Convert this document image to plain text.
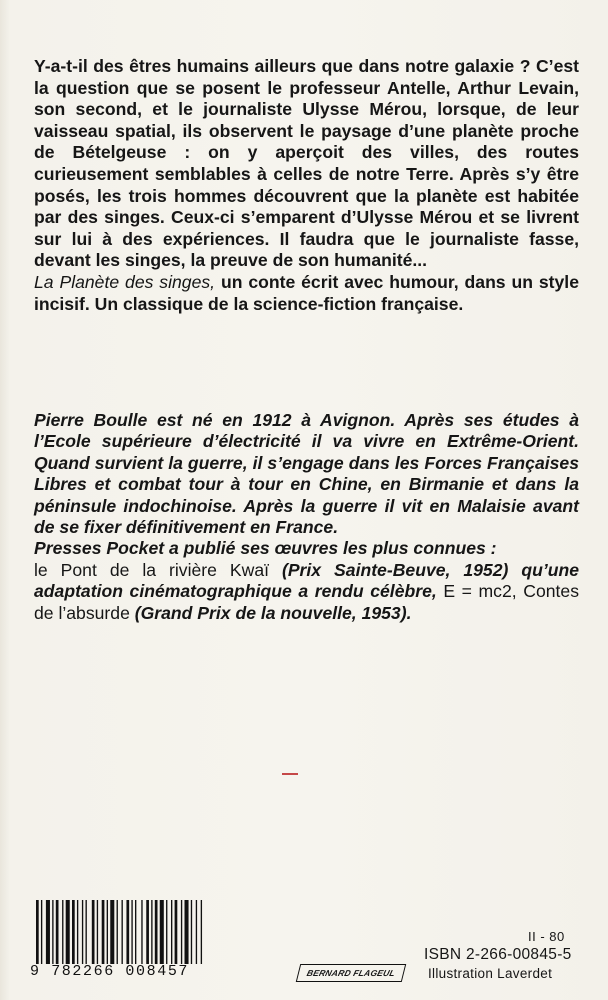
Y-a-t-il des êtres humains ailleurs que dans notre galaxie ? C’est la question que se posent le professeur Antelle, Arthur Levain, son second, et le journaliste Ulysse Mérou, lorsque, de leur vaisseau spatial, ils observent le paysage d’une planète proche de Bételgeuse : on y aperçoit des villes, des routes curieusement semblables à celles de notre Terre. Après s’y être posés, les trois hommes découvrent que la planète est habitée par des singes. Ceux-ci s’emparent d’Ulysse Mérou et se livrent sur lui à des expériences. Il faudra que le journaliste fasse, devant les singes, la preuve de son humanité...
La Planète des singes, un conte écrit avec humour, dans un style incisif. Un classique de la science-fiction française.

Pierre Boulle est né en 1912 à Avignon. Après ses études à l’Ecole supérieure d’électricité il va vivre en Extrême-Orient. Quand survient la guerre, il s’engage dans les Forces Françaises Libres et combat tour à tour en Chine, en Birmanie et dans la péninsule indochinoise. Après la guerre il vit en Malaisie avant de se fixer définitivement en France.

Presses Pocket a publié ses œuvres les plus connues :
le Pont de la rivière Kwaï (Prix Sainte-Beuve, 1952) qu’une adaptation cinématographique a rendu célèbre, E = mc2, Contes de l’absurde (Grand Prix de la nouvelle, 1953).

9 782266 008457	BERNARD FLAGEUL
II - 80
ISBN 2-266-00845-5
Illustration Laverdet
